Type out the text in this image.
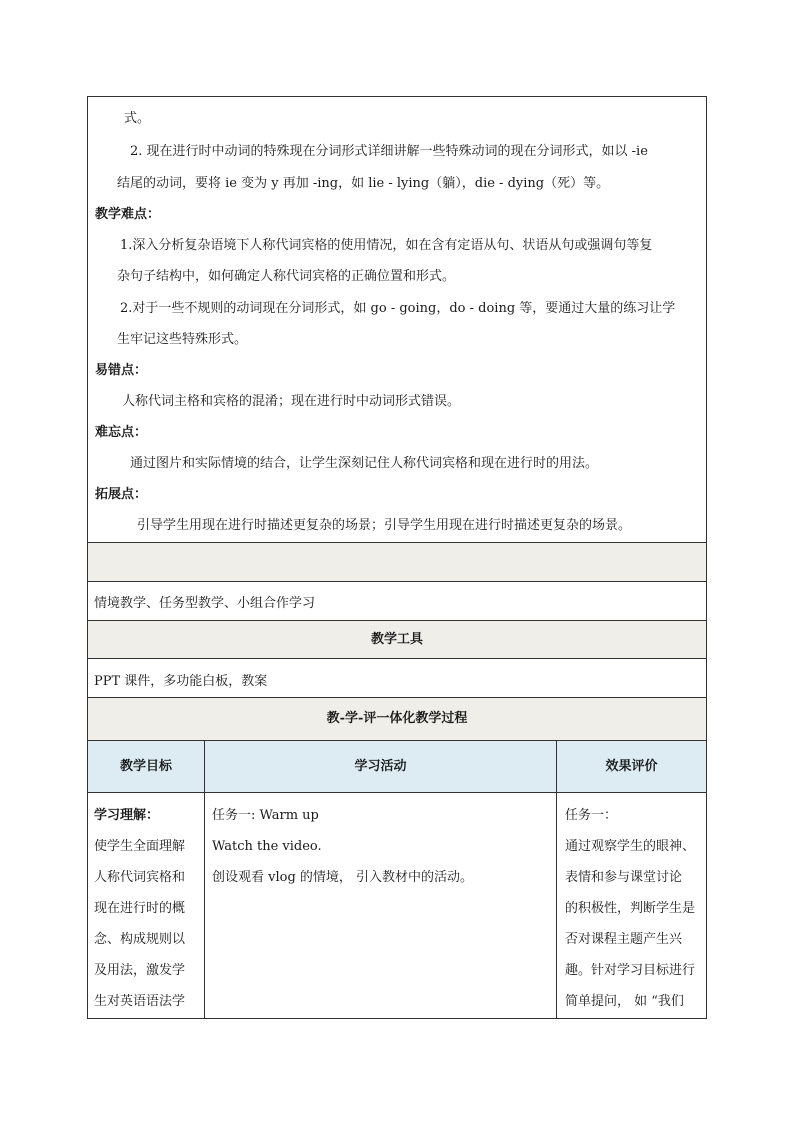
式。
2. 现在进行时中动词的特殊现在分词形式详细讲解一些特殊动词的现在分词形式，如以 -ie
结尾的动词，要将 ie 变为 y 再加 -ing，如 lie - lying（躺），die - dying（死）等。
教学难点：
1.深入分析复杂语境下人称代词宾格的使用情况，如在含有定语从句、状语从句或强调句等复
杂句子结构中，如何确定人称代词宾格的正确位置和形式。
2.对于一些不规则的动词现在分词形式，如 go - going，do - doing 等，要通过大量的练习让学
生牢记这些特殊形式。
易错点：
人称代词主格和宾格的混淆；现在进行时中动词形式错误。
难忘点：
通过图片和实际情境的结合，让学生深刻记住人称代词宾格和现在进行时的用法。
拓展点：
引导学生用现在进行时描述更复杂的场景；引导学生用现在进行时描述更复杂的场景。
情境教学、任务型教学、小组合作学习
教学工具
PPT 课件，多功能白板，教案
教-学-评一体化教学过程
教学目标	学习活动	效果评价
学习理解：
使学生全面理解
人称代词宾格和
现在进行时的概
念、构成规则以
及用法，激发学
生对英语语法学
任务一: Warm up
Watch the video.
创设观看 vlog 的情境， 引入教材中的活动。
任务一：
通过观察学生的眼神、
表情和参与课堂讨论
的积极性，判断学生是
否对课程主题产生兴
趣。针对学习目标进行
简单提问， 如 “我们
